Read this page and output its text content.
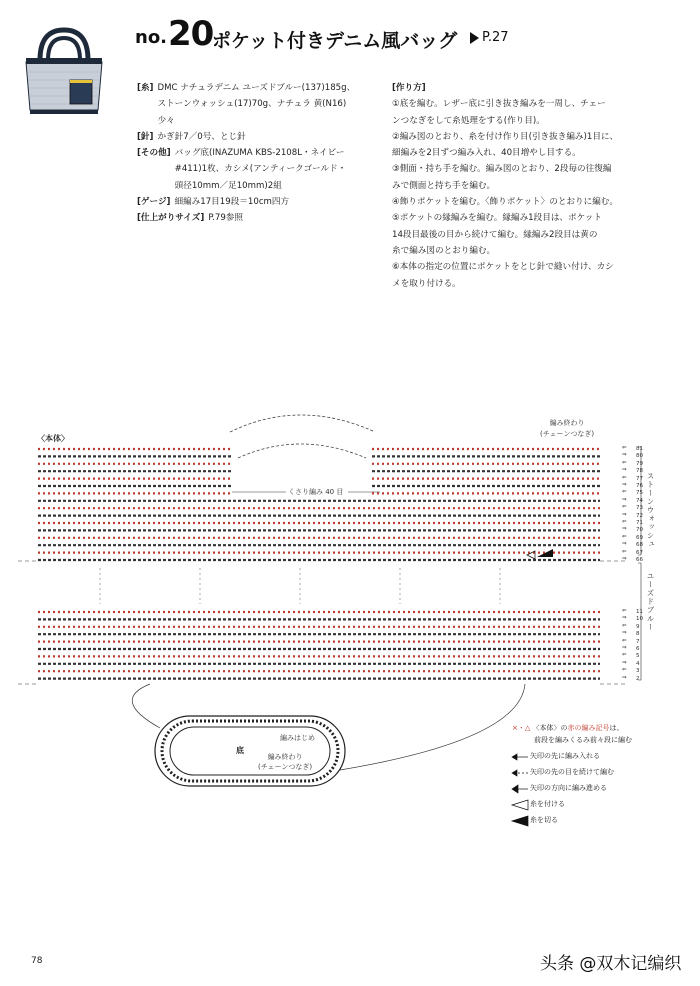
no. 20
ポケット付きデニム風バッグ P.27
[糸] DMC ナチュラデニム ユーズドブルー(137)185g、
ストーンウォッシュ(17)70g、ナチュラ 黄(N16)
少々
[針] かぎ針7／0号、とじ針
[その他] バッグ底(INAZUMA KBS-2108L・ネイビー
#411)1枚、カシメ(アンティークゴールド・
頭径10mm／足10mm)2組
[ゲージ] 細編み17目19段＝10cm四方
[仕上がりサイズ] P.79参照
[作り方]
①底を編む。レザー底に引き抜き編みを一周し、チェー
ンつなぎをして糸処理をする(作り目)。
②編み図のとおり、糸を付け作り目(引き抜き編み)1目に、
細編みを2目ずつ編み入れ、40目増やし目する。
③側面・持ち手を編む。編み図のとおり、2段毎の往復編
みで側面と持ち手を編む。
④飾りポケットを編む。〈飾りポケット〉のとおりに編む。
⑤ポケットの縁編みを編む。縁編み1段目は、ポケット
14段目最後の目から続けて編む。縁編み2段目は黄の
糸で編み図のとおり編む。
⑥本体の指定の位置にポケットをとじ針で縫い付け、カシ
メを取り付ける。
〈本体〉
編み終わり
(チェーンつなぎ)
くさり編み 40 目	ストーンウォッシュ
ユーズドブルー
81
⇐
80
⇒
79
⇐
78
⇒
77
⇐
76
⇒
75
⇐
74
⇒
73
⇐
72
⇒
71
⇐
70
⇒
69
⇐
68
⇒
67
⇐
66
⇒
11
⇐
10
⇒
9
⇐
8
⇒
7
⇐
6
⇒
5
⇐
4
⇒
3
⇐
2
⇒
底
編みはじめ
編み終わり
(チェーンつなぎ)
×・△
〈本体〉の 赤の編み記号 は、
前段を編みくるみ前々段に編む
矢印の先に編み入れる
矢印の先の目を続けて編む
矢印の方向に編み進める
糸を付ける
糸を切る
78	头条 @双木记编织
